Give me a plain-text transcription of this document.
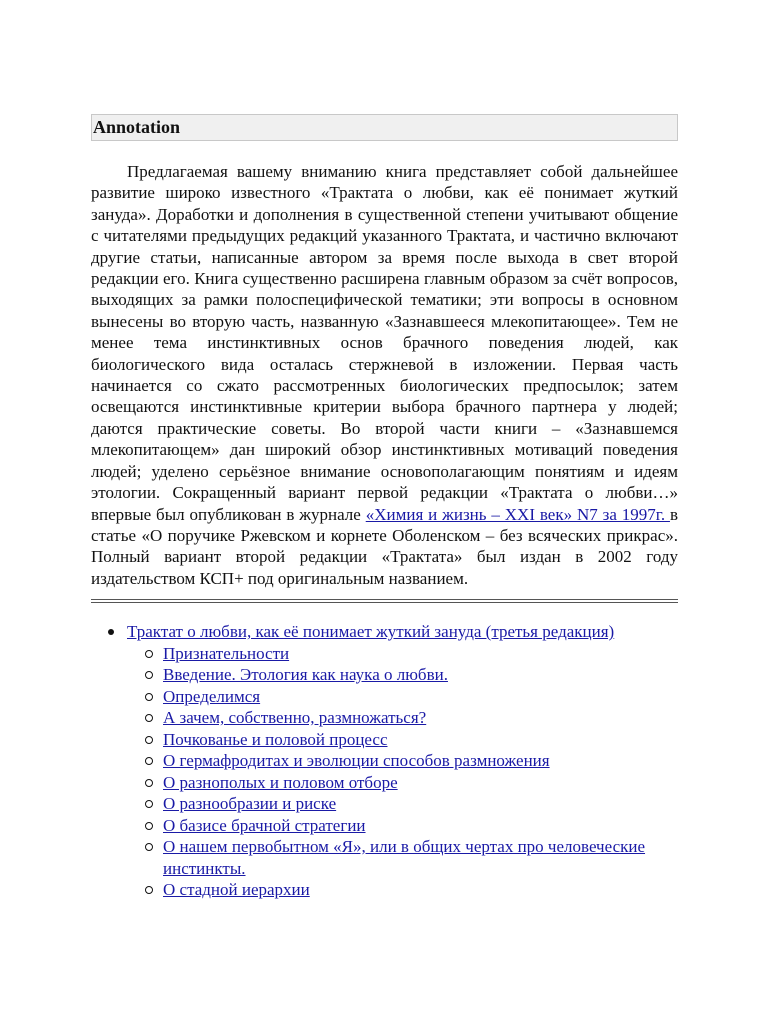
Annotation

Предлагаемая вашему вниманию книга представляет собой дальнейшее развитие широко известного «Трактата о любви, как её понимает жуткий зануда». Доработки и дополнения в существенной степени учитывают общение с читателями предыдущих редакций указанного Трактата, и частично включают другие статьи, написанные автором за время после выхода в свет второй редакции его. Книга существенно расширена главным образом за счёт вопросов, выходящих за рамки полоспецифической тематики; эти вопросы в основном вынесены во вторую часть, названную «Зазнавшееся млекопитающее». Тем не менее тема инстинктивных основ брачного поведения людей, как биологического вида осталась стержневой в изложении. Первая часть начинается со сжато рассмотренных биологических предпосылок; затем освещаются инстинктивные критерии выбора брачного партнера у людей; даются практические советы. Во второй части книги – «Зазнавшемся млекопитающем» дан широкий обзор инстинктивных мотиваций поведения людей; уделено серьёзное внимание основополагающим понятиям и идеям этологии. Сокращенный вариант первой редакции «Трактата о любви…» впервые был опубликован в журнале «Химия и жизнь – XXI век» N7 за 1997г. в статье «О поручике Ржевском и корнете Оболенском – без всяческих прикрас». Полный вариант второй редакции «Трактата» был издан в 2002 году издательством КСП+ под оригинальным названием.

Трактат о любви, как её понимает жуткий зануда (третья редакция)
Признательности
Введение. Этология как наука о любви.
Определимся
А зачем, собственно, размножаться?
Почкованье и половой процесс
О гермафродитах и эволюции способов размножения
О разнополых и половом отборе
О разнообразии и риске
О базисе брачной стратегии
О нашем первобытном «Я», или в общих чертах про человеческие инстинкты.
О стадной иерархии
